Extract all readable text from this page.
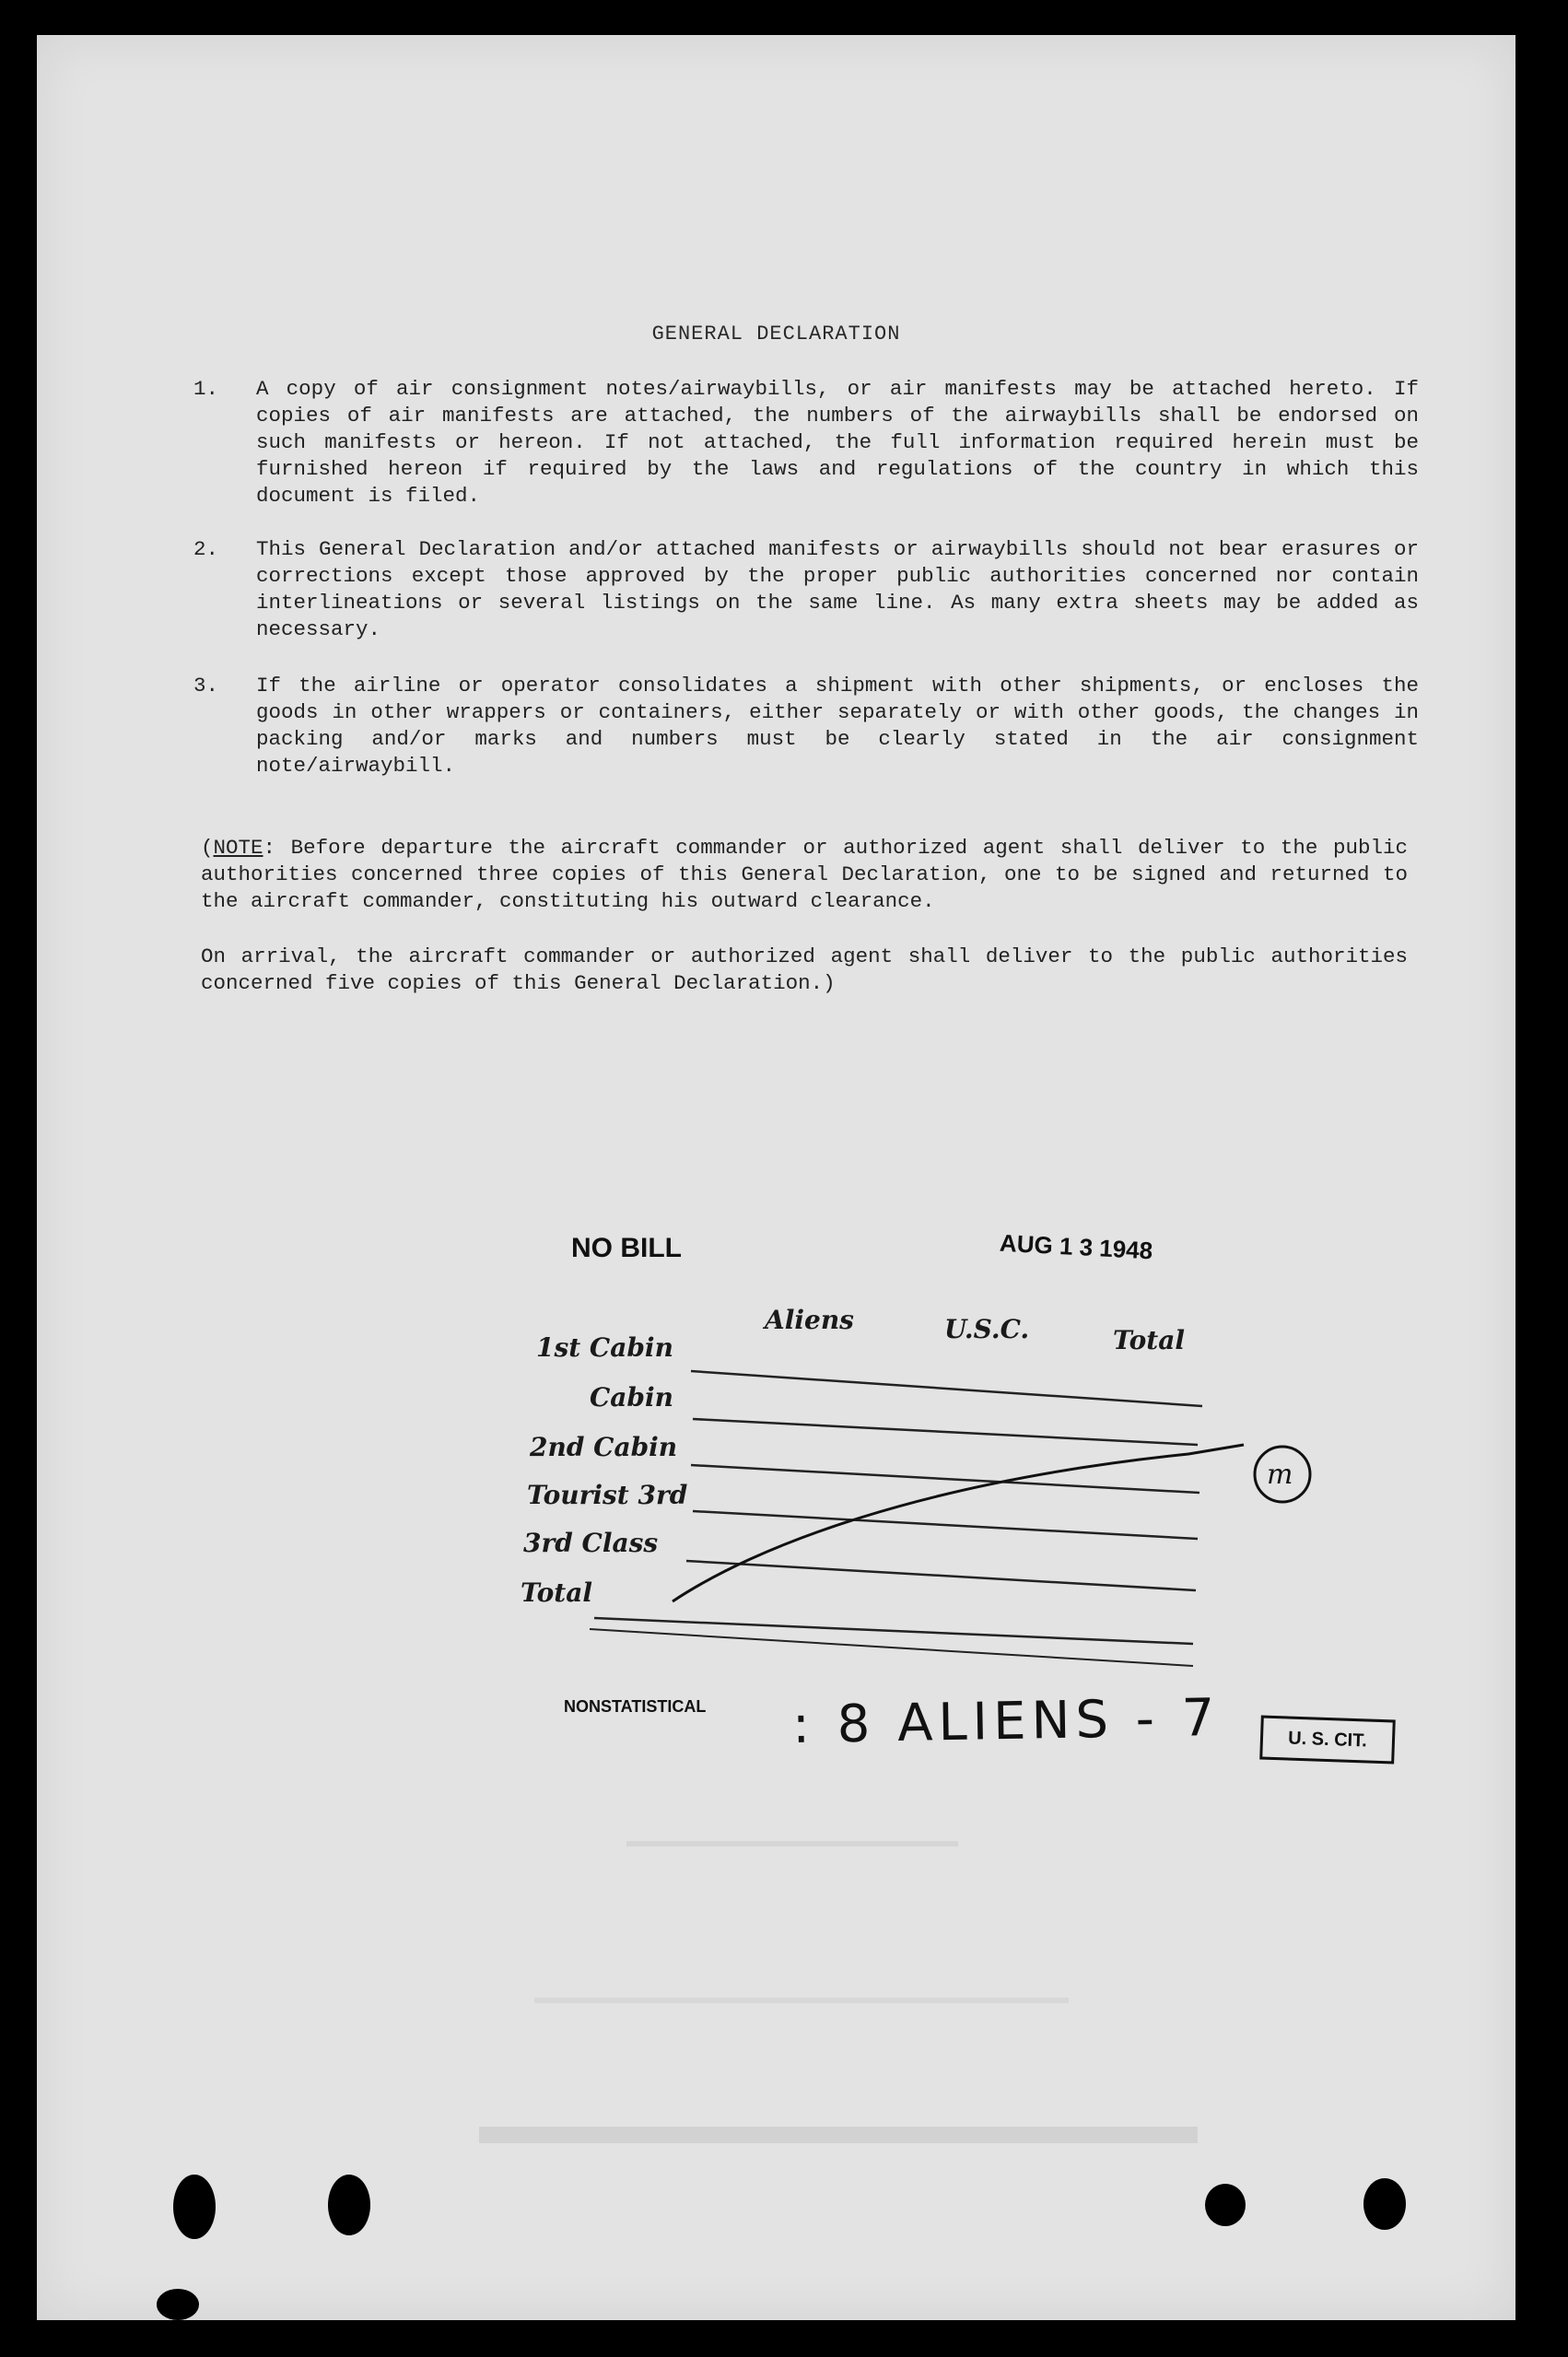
GENERAL DECLARATION
1. A copy of air consignment notes/airwaybills, or air manifests may be attached hereto. If copies of air manifests are attached, the numbers of the airwaybills shall be endorsed on such manifests or hereon. If not attached, the full information required herein must be furnished hereon if required by the laws and regulations of the country in which this document is filed.
2. This General Declaration and/or attached manifests or airwaybills should not bear erasures or corrections except those approved by the proper public authorities concerned nor contain interlineations or several listings on the same line. As many extra sheets may be added as necessary.
3. If the airline or operator consolidates a shipment with other shipments, or encloses the goods in other wrappers or containers, either separately or with other goods, the changes in packing and/or marks and numbers must be clearly stated in the air consignment note/airwaybill.
(NOTE: Before departure the aircraft commander or authorized agent shall deliver to the public authorities concerned three copies of this General Declaration, one to be signed and returned to the aircraft commander, constituting his outward clearance.
On arrival, the aircraft commander or authorized agent shall deliver to the public authorities concerned five copies of this General Declaration.)
NO BILL	AUG 1 3 1948
Aliens	U.S.C.	Total
1st Cabin
Cabin
2nd Cabin
Tourist 3rd
3rd Class
Total
NONSTATISTICAL : 8 ALIENS - 7	U. S. CIT.
m
